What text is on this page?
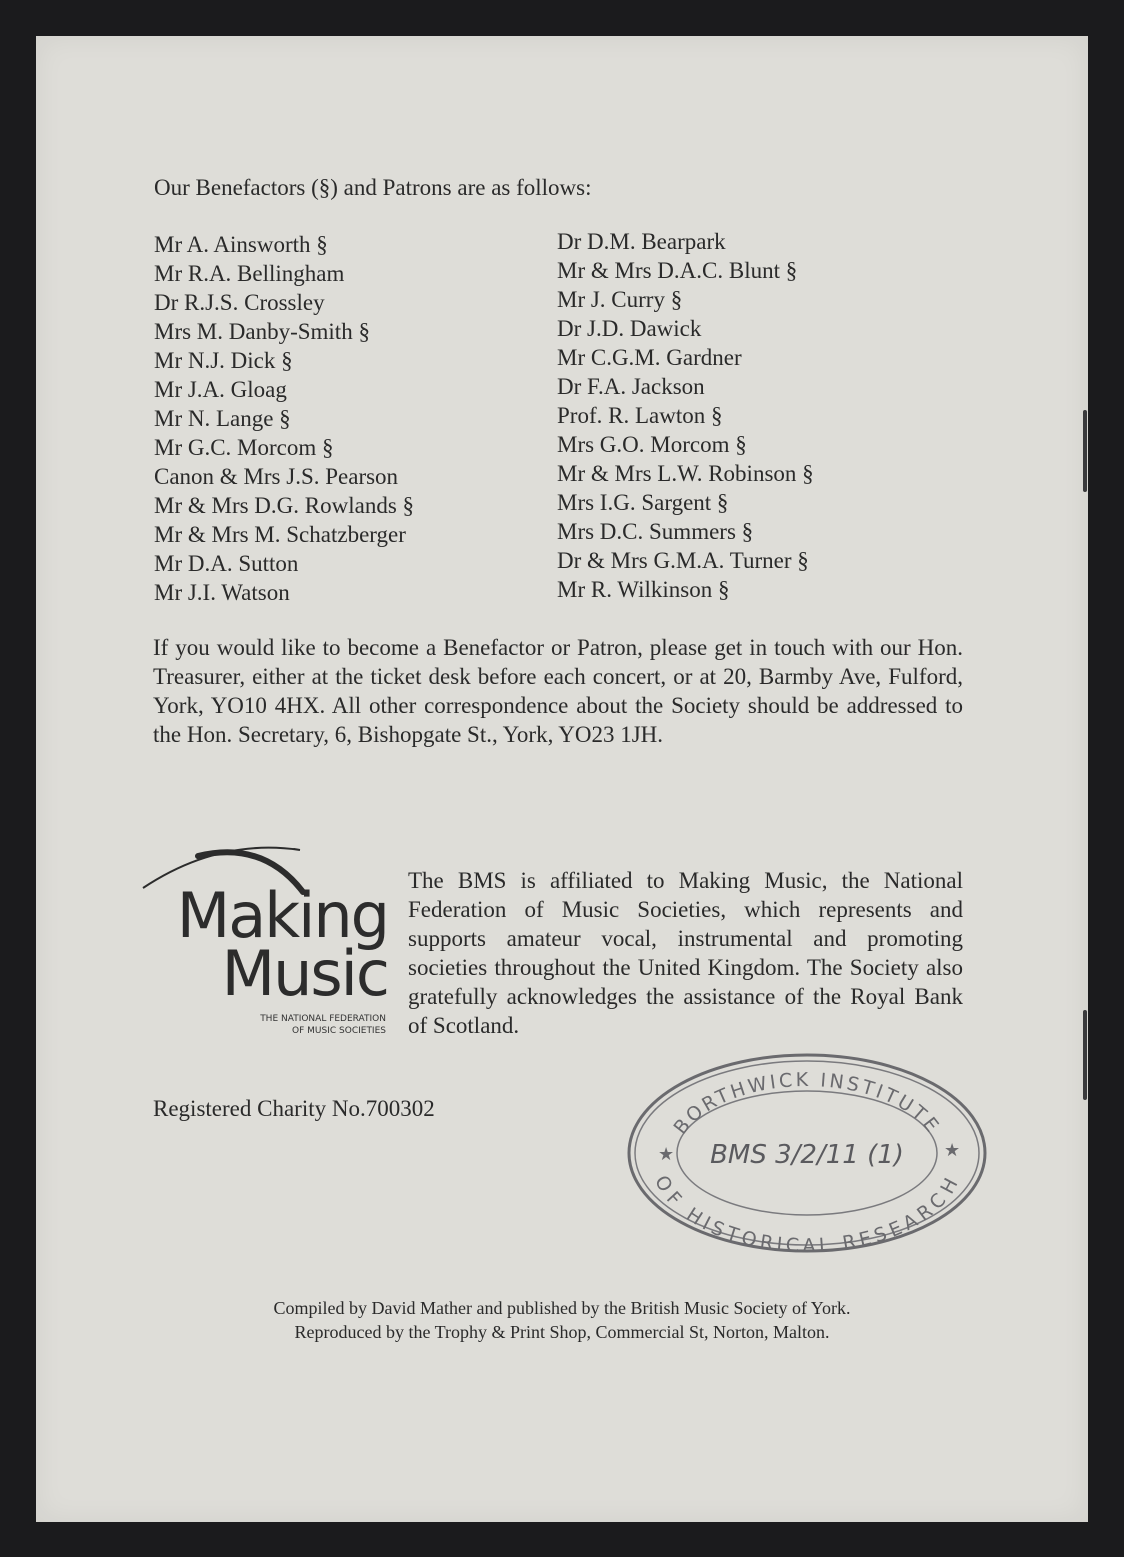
Our Benefactors (§) and Patrons are as follows:
Mr A. Ainsworth §
Mr R.A. Bellingham
Dr R.J.S. Crossley
Mrs M. Danby-Smith §
Mr N.J. Dick §
Mr J.A. Gloag
Mr N. Lange §
Mr G.C. Morcom §
Canon & Mrs J.S. Pearson
Mr & Mrs D.G. Rowlands §
Mr & Mrs M. Schatzberger
Mr D.A. Sutton
Mr J.I. Watson
Dr D.M. Bearpark
Mr & Mrs D.A.C. Blunt §
Mr J. Curry §
Dr J.D. Dawick
Mr C.G.M. Gardner
Dr F.A. Jackson
Prof. R. Lawton §
Mrs G.O. Morcom §
Mr & Mrs L.W. Robinson §
Mrs I.G. Sargent §
Mrs D.C. Summers §
Dr & Mrs G.M.A. Turner §
Mr R. Wilkinson §
If you would like to become a Benefactor or Patron, please get in touch with our Hon. Treasurer, either at the ticket desk before each concert, or at 20, Barmby Ave, Fulford, York, YO10 4HX. All other correspondence about the Society should be addressed to the Hon. Secretary, 6, Bishopgate St., York, YO23 1JH.
Making
Music
THE NATIONAL FEDERATION
OF MUSIC SOCIETIES
The BMS is affiliated to Making Music, the National Federation of Music Societies, which represents and supports amateur vocal, instrumental and promoting societies throughout the United Kingdom. The Society also gratefully acknowledges the assistance of the Royal Bank of Scotland.
Registered Charity No.700302
BORTHWICK INSTITUTE
OF HISTORICAL RESEARCH
★	★
BMS 3/2/11 (1)
Compiled by David Mather and published by the British Music Society of York.
Reproduced by the Trophy & Print Shop, Commercial St, Norton, Malton.
